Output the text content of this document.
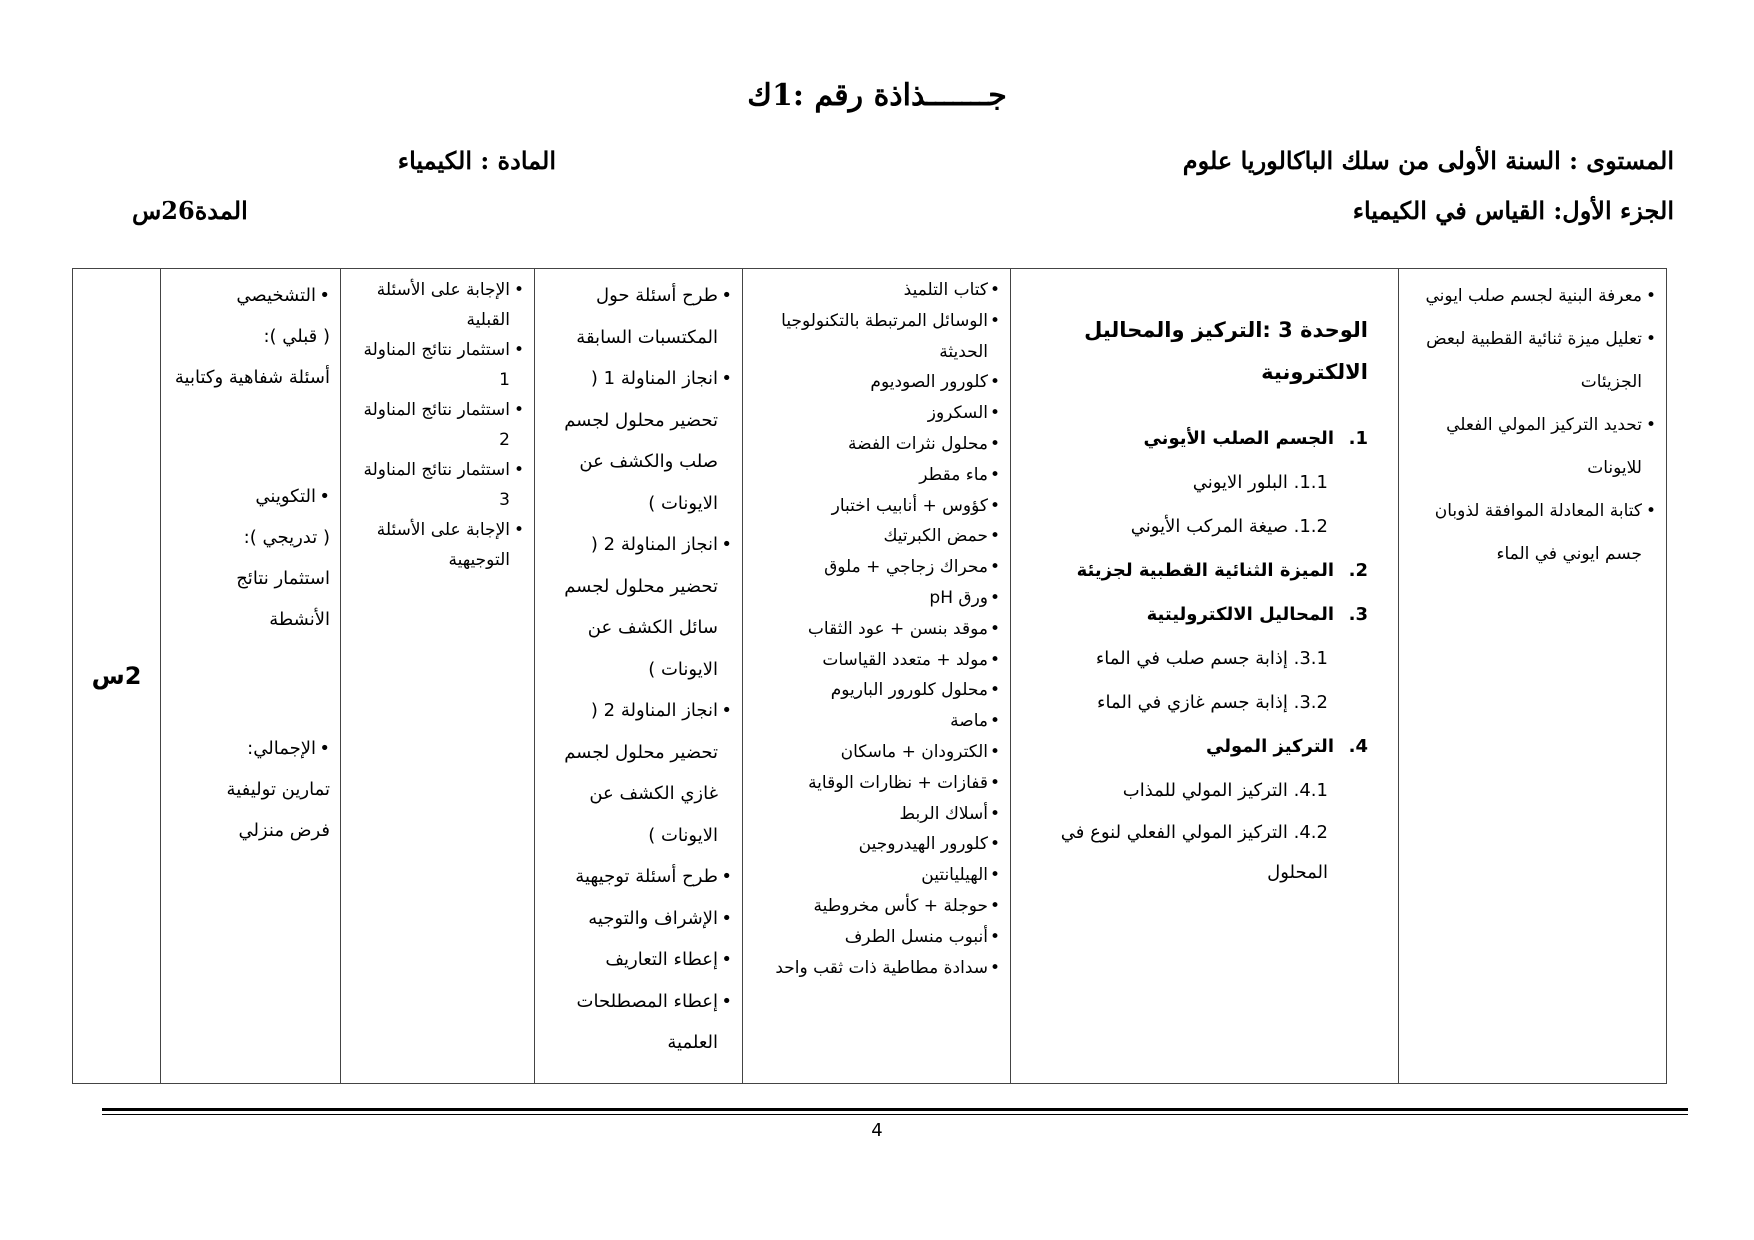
جـــــــذاذة رقم :1ك
المستوى : السنة الأولى من سلك الباكالوريا علوم
المادة : الكيمياء
الجزء الأول: القياس في الكيمياء
المدة26س
• معرفة البنية لجسم صلب ايوني
• تعليل ميزة ثنائية القطبية لبعض الجزيئات
• تحديد التركيز المولي الفعلي للايونات
• كتابة المعادلة الموافقة لذوبان جسم ايوني في الماء

الوحدة 3 :التركيز والمحاليل الالكترونية
1.الجسم الصلب الأيوني
1.1. البلور الايوني
1.2. صيغة المركب الأيوني
2.الميزة الثنائية القطبية لجزيئة
3.المحاليل الالكتروليتية
3.1. إذابة جسم صلب في الماء
3.2. إذابة جسم غازي في الماء
4.التركيز المولي
4.1. التركيز المولي للمذاب
4.2. التركيز المولي الفعلي لنوع في المحلول

• كتاب التلميذ
• الوسائل المرتبطة بالتكنولوجيا الحديثة
• كلورور الصوديوم
• السكروز
• محلول نثرات الفضة
• ماء مقطر
• كؤوس + أنابيب اختبار
• حمض الكبرتيك
• محراك زجاجي + ملوق
• ورق pH
• موقد بنسن + عود الثقاب
• مولد + متعدد القياسات
• محلول كلورور الباريوم
• ماصة
• الكترودان + ماسكان
• قفازات + نظارات الوقاية
• أسلاك الربط
• كلورور الهيدروجين
• الهيليانتين
• حوجلة + كأس مخروطية
• أنبوب منسل الطرف
• سدادة مطاطية ذات ثقب واحد

• طرح أسئلة حول المكتسبات السابقة
• انجاز المناولة 1 ( تحضير محلول لجسم صلب والكشف عن الايونات )
• انجاز المناولة 2 ( تحضير محلول لجسم سائل الكشف عن الايونات )
• انجاز المناولة 2 ( تحضير محلول لجسم غازي الكشف عن الايونات )
• طرح أسئلة توجيهية
• الإشراف والتوجيه
• إعطاء التعاريف
• إعطاء المصطلحات العلمية

• الإجابة على الأسئلة القبلية
• استثمار نتائج المناولة 1
• استثمار نتائج المناولة 2
• استثمار نتائج المناولة 3
• الإجابة على الأسئلة التوجيهية

• التشخيصي
( قبلي ):
أسئلة شفاهية وكتابية
• التكويني
( تدريجي ):
استثمار نتائج الأنشطة
• الإجمالي:
تمارين توليفية
فرض منزلي
	2س
4
